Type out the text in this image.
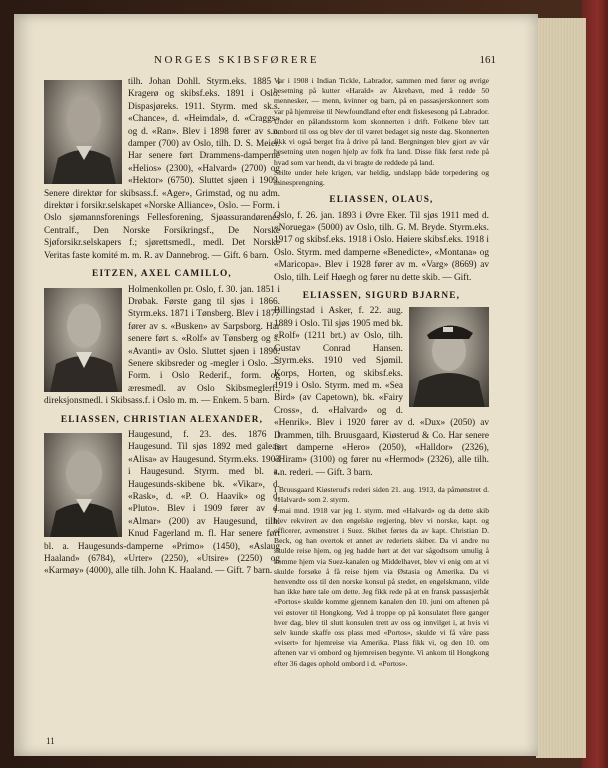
NORGES SKIBSFØRERE	161

tilh. Johan Dohll. Styrm.eks. 1885 i Kragerø og skibsf.eks. 1891 i Oslo. Dispasjøreks. 1911. Styrm. med sk.s. «Chance», d. «Heimdal», d. «Craggs» og d. «Ran». Blev i 1898 fører av s.n. damper (700) av Oslo, tilh. D. S. Meier. Har senere ført Drammens-damperne «Helios» (2300), «Halvard» (2700) og «Hektor» (6750). Sluttet sjøen i 1909. Senere direktør for skibsass.f. «Ager», Grimstad, og nu adm. direktør i forsikr.selskapet «Norske Alliance», Oslo. — Form. i Oslo sjømannsforenings Fellesforening, Sjøassurandørenes Centralf., Den Norske Forsikringsf., De Norske Sjøforsikr.selskapers f.; sjørettsmedl., medl. Det Norske Veritas faste komité m. m. R. av Dannebrog. — Gift. 6 barn.

EITZEN, AXEL CAMILLO,

Holmenkollen pr. Oslo, f. 30. jan. 1851 i Drøbak. Første gang til sjøs i 1866. Styrm.eks. 1871 i Tønsberg. Blev i 1877 fører av s. «Busken» av Sarpsborg. Har senere ført s. «Rolf» av Tønsberg og s. «Avanti» av Oslo. Sluttet sjøen i 1890. Senere skibsreder og -megler i Oslo. — Form. i Oslo Rederif., form. og æresmedl. av Oslo Skibsmeglerf., direksjonsmedl. i Skibsass.f. i Oslo m. m. — Enkem. 5 barn.

ELIASSEN, CHRISTIAN ALEXANDER,

Haugesund, f. 23. des. 1876 i Haugesund. Til sjøs 1892 med galeas «Alisa» av Haugesund. Styrm.eks. 1903 i Haugesund. Styrm. med bl. a. Haugesunds-skibene bk. «Vikar», d. «Rask», d. «P. O. Haavik» og d. «Pluto». Blev i 1909 fører av d. «Almar» (200) av Haugesund, tilh. Knud Fagerland m. fl. Har senere ført bl. a. Haugesunds-damperne «Primo» (1450), «Aslaug Haaland» (6784), «Urter» (2250), «Utsire» (2250) og «Karmøy» (4000), alle tilh. John K. Haaland. — Gift. 7 barn.

Var i 1908 i Indian Tickle, Labrador, sammen med fører og øvrige besetning på kutter «Harald» av Åkrehavn, med å redde 50 mennesker, — menn, kvinner og barn, på en passasjerskonnert som var på hjemreise til Newfoundland efter endt fiskesesong på Labrador. Under en pålandsstorm kom skonnerten i drift. Folkene blev tatt ombord til oss og blev der til været bedaget sig neste dag. Skonnerten fikk vi også berget fra å drive på land. Bergningen blev gjort av vår besetning uten nogen hjelp av folk fra land. Disse fikk først rede på hvad som var hendt, da vi bragte de reddede på land.
Seilte under hele krigen, var heldig, undslapp både torpedering og minesprengning.

ELIASSEN, OLAUS,

Oslo, f. 26. jan. 1893 i Øvre Eker. Til sjøs 1911 med d. «Noruega» (5000) av Oslo, tilh. G. M. Bryde. Styrm.eks. 1917 og skibsf.eks. 1918 i Oslo. Høiere skibsf.eks. 1918 i Oslo. Styrm. med damperne «Benedicte», «Montana» og «Maricopa». Blev i 1928 fører av m. «Varg» (8669) av Oslo, tilh. Leif Høegh og fører nu dette skib. — Gift.

ELIASSEN, SIGURD BJARNE,

Billingstad i Asker, f. 22. aug. 1889 i Oslo. Til sjøs 1905 med bk. «Rolf» (1211 brt.) av Oslo, tilh. Gustav Conrad Hansen. Styrm.eks. 1910 ved Sjømil. Korps, Horten, og skibsf.eks. 1919 i Oslo. Styrm. med m. «Sea Bird» (av Capetown), bk. «Fairy Cross», d. «Halvard» og d. «Henrik». Blev i 1920 fører av d. «Dux» (2050) av Drammen, tilh. Bruusgaard, Kiøsterud & Co. Har senere ført damperne «Hero» (2050), «Halldor» (2326), «Hiram» (3100) og fører nu «Hermod» (2326), alle tilh. s.n. rederi. — Gift. 3 barn.

I Bruusgaard Kiøsterud's rederi siden 21. aug. 1913, da påmønstret d. «Halvard» som 2. styrm.
I mai mnd. 1918 var jeg 1. styrm. med «Halvard» og da dette skib blev rekvirert av den engelske regjering, blev vi norske, kapt. og officerer, avmønstret i Suez. Skibet førtes da av kapt. Christian D. Beck, og han overtok et annet av rederiets skiber. Da vi andre nu skulde reise hjem, og jeg hadde hørt at det var sågodtsom umulig å komme hjem via Suez-kanalen og Middelhavet, blev vi enig om at vi skulde forsøke å få reise hjem via Østasia og Amerika. Da vi henvendte oss til den norske konsul på stedet, en engelskmann, vilde han ikke høre tale om dette. Jeg fikk rede på at en fransk passasjerbåt «Portos» skulde komme gjennem kanalen den 10. juni om aftenen på vei østover til Hongkong. Ved å troppe op på konsulatet flere ganger hver dag, blev til slutt konsulen trett av oss og innvilget i, at hvis vi selv kunde skaffe oss plass med «Portos», skulde vi få våre pass «visert» for hjemreise via Amerika. Plass fikk vi, og den 10. om aftenen var vi ombord og hjemreisen begynte. Vi ankom til Hongkong efter 36 dages ophold ombord i d. «Portos».

11
